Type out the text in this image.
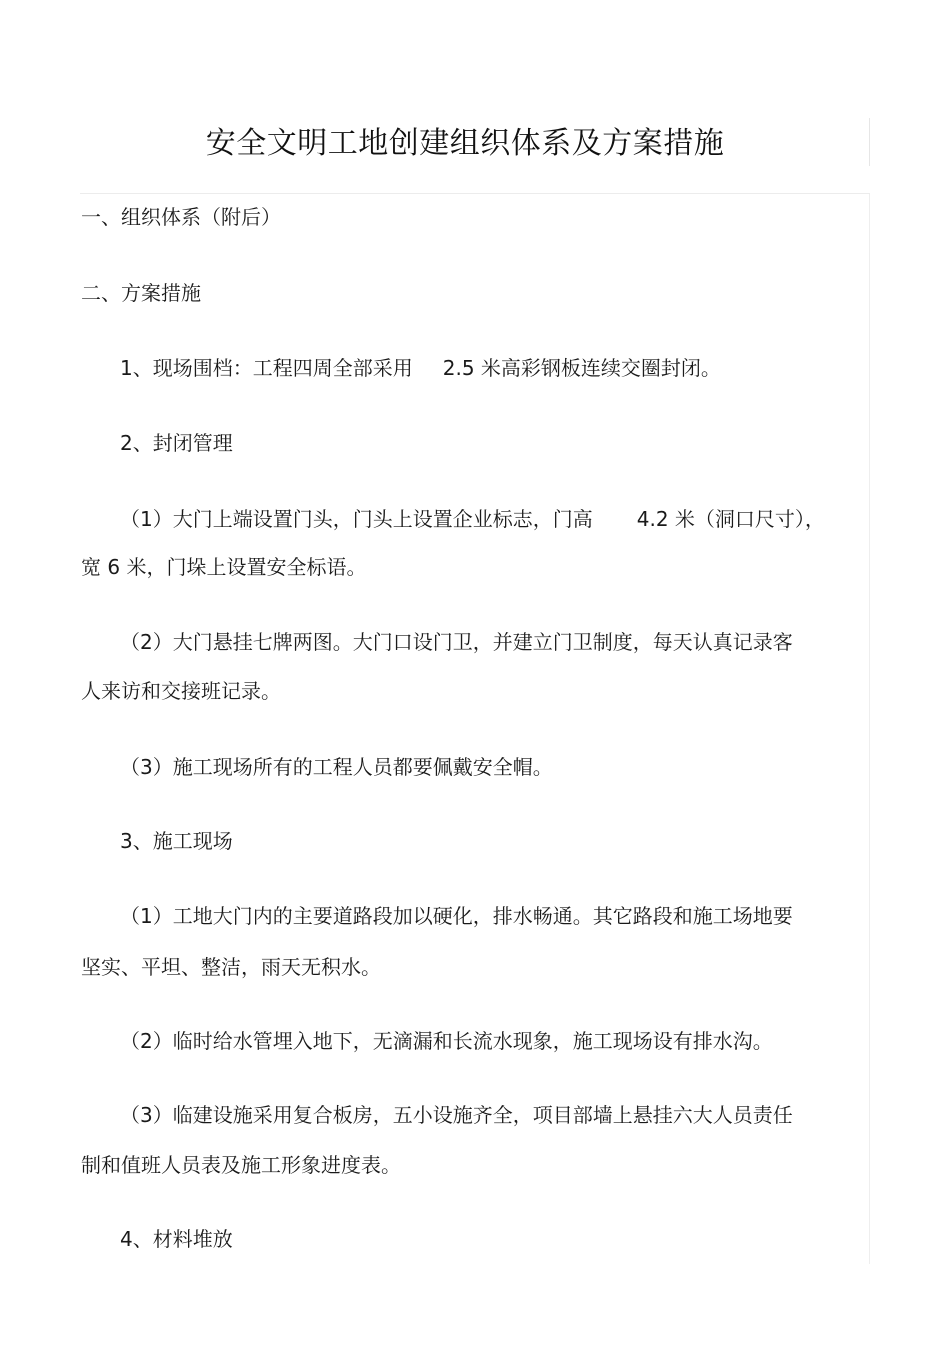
安全文明工地创建组织体系及方案措施
一、组织体系（附后）
二、方案措施
1、现场围档：工程四周全部采用 2.5 米高彩钢板连续交圈封闭。
2、封闭管理
（1）大门上端设置门头，门头上设置企业标志，门高 4.2 米（洞口尺寸），
宽 6 米，门垛上设置安全标语。
（2）大门悬挂七牌两图。大门口设门卫，并建立门卫制度，每天认真记录客
人来访和交接班记录。
（3）施工现场所有的工程人员都要佩戴安全帽。
3、施工现场
（1）工地大门内的主要道路段加以硬化，排水畅通。其它路段和施工场地要
坚实、平坦、整洁，雨天无积水。
（2）临时给水管埋入地下，无滴漏和长流水现象，施工现场设有排水沟。
（3）临建设施采用复合板房，五小设施齐全，项目部墙上悬挂六大人员责任
制和值班人员表及施工形象进度表。
4、材料堆放
